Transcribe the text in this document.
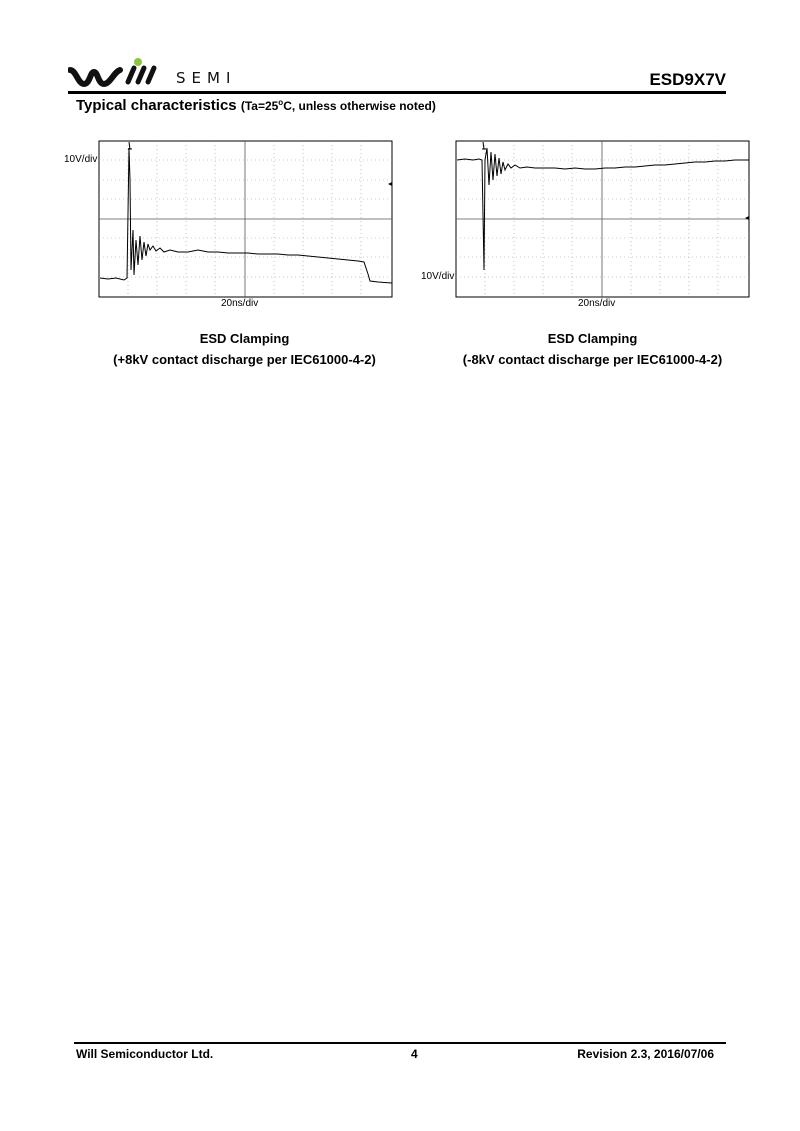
SEMI	ESD9X7V
Typical characteristics ($Ta=25^oC$, unless otherwise noted)
10V/div
20ns/div
ESD Clamping
(+8kV contact discharge per IEC61000-4-2)
10V/div
20ns/div
ESD Clamping
(-8kV contact discharge per IEC61000-4-2)
Will Semiconductor Ltd.	4	Revision 2.3, 2016/07/06
